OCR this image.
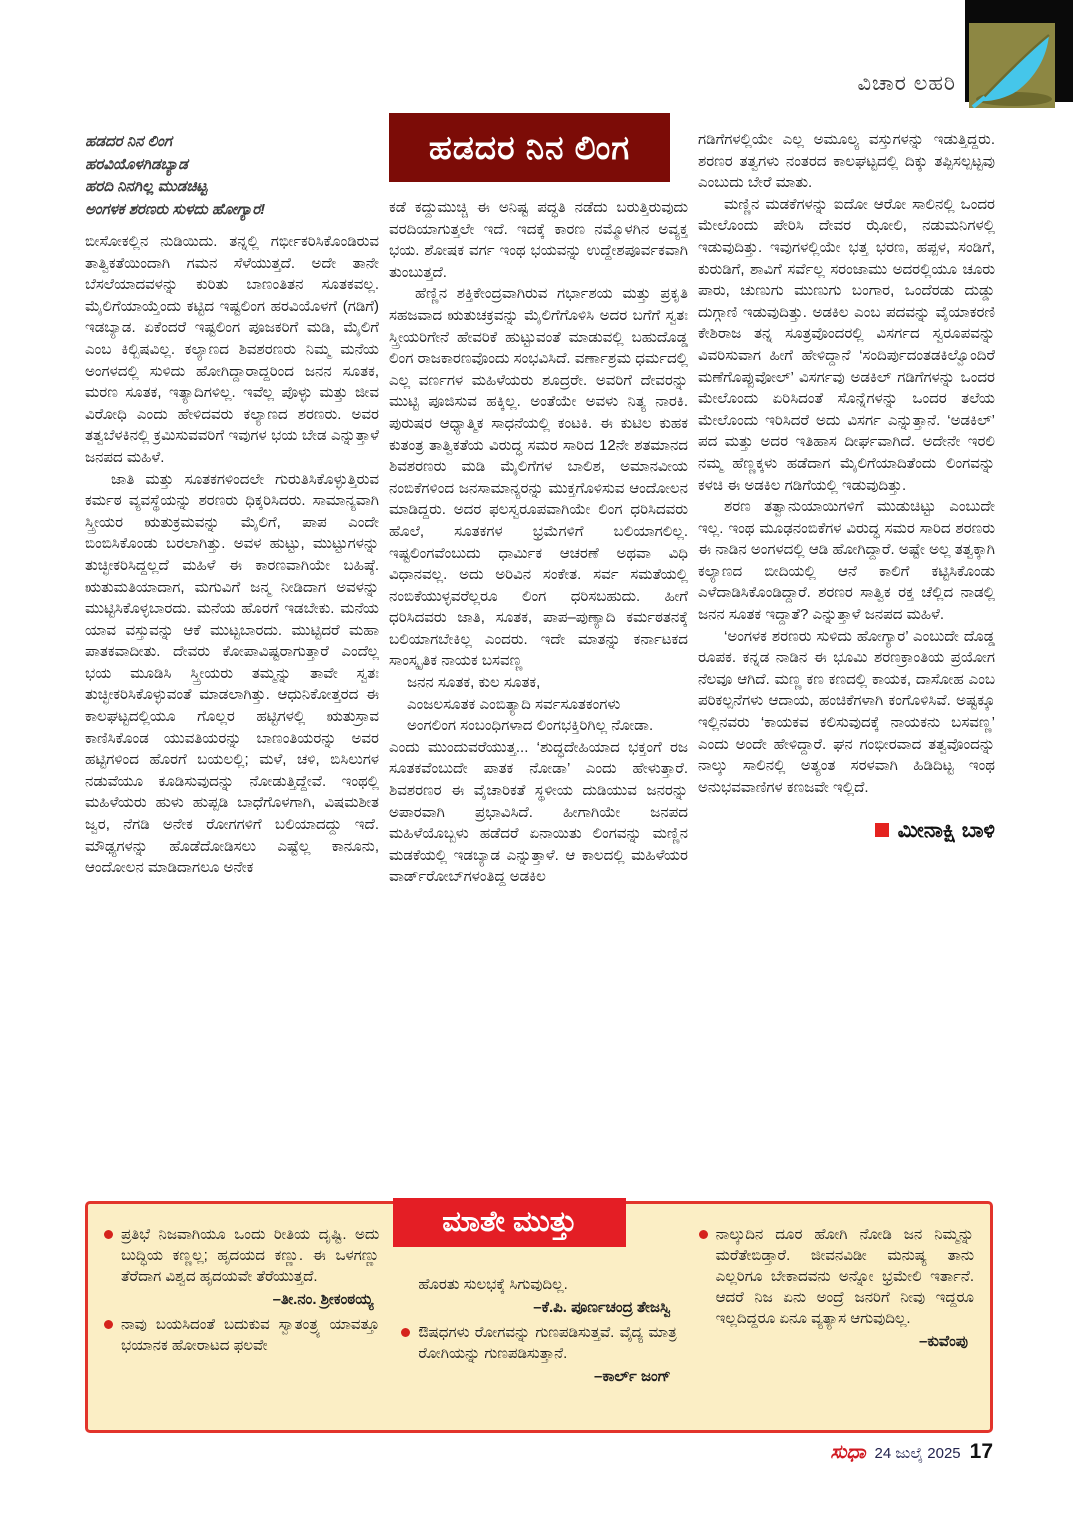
ವಿಚಾರ ಲಹರಿ
ಹಡದರ ನಿನ ಲಿಂಗ
ಹರವಿಯೊಳಗಿಡಬ್ಯಾಡ
ಹರದಿ ನಿನಗಿಲ್ಲ ಮುಡಚಿಟ್ಟ
ಅಂಗಳಕ ಶರಣರು ಸುಳದು ಹೋಗ್ಯಾರ!

ಬೀಸೋಕಲ್ಲಿನ ನುಡಿಯಿದು. ತನ್ನಲ್ಲಿ ಗರ್ಭೀಕರಿಸಿಕೊಂಡಿರುವ ತಾತ್ವಿಕತೆಯಿಂದಾಗಿ ಗಮನ ಸೆಳೆಯುತ್ತದೆ. ಅದೇ ತಾನೇ ಬೆಸಲೆಯಾದವಳನ್ನು ಕುರಿತು ಬಾಣಂತಿತನ ಸೂತಕವಲ್ಲ. ಮೈಲಿಗೆಯಾಯ್ತೆಂದು ಕಟ್ಟಿದ ಇಷ್ಟಲಿಂಗ ಹರವಿಯೊಳಗೆ (ಗಡಿಗೆ) ಇಡಬ್ಯಾಡ. ಏಕೆಂದರೆ ಇಷ್ಟಲಿಂಗ ಪೂಜಕರಿಗೆ ಮಡಿ, ಮೈಲಿಗೆ ಎಂಬ ಕಿಲ್ಬಿಷವಿಲ್ಲ. ಕಲ್ಯಾಣದ ಶಿವಶರಣರು ನಿಮ್ಮ ಮನೆಯ ಅಂಗಳದಲ್ಲಿ ಸುಳಿದು ಹೋಗಿದ್ದಾರಾದ್ದರಿಂದ ಜನನ ಸೂತಕ, ಮರಣ ಸೂತಕ, ಇತ್ಯಾದಿಗಳಿಲ್ಲ. ಇವೆಲ್ಲ ಪೊಳ್ಳು ಮತ್ತು ಜೀವ ವಿರೋಧಿ ಎಂದು ಹೇಳಿದವರು ಕಲ್ಯಾಣದ ಶರಣರು. ಅವರ ತತ್ವಬೆಳಕಿನಲ್ಲಿ ಕ್ರಮಿಸುವವರಿಗೆ ಇವುಗಳ ಭಯ ಬೇಡ ಎನ್ನುತ್ತಾಳೆ ಜನಪದ ಮಹಿಳೆ.

ಜಾತಿ ಮತ್ತು ಸೂತಕಗಳಿಂದಲೇ ಗುರುತಿಸಿಕೊಳ್ಳುತ್ತಿರುವ ಕರ್ಮಠ ವ್ಯವಸ್ಥೆಯನ್ನು ಶರಣರು ಧಿಕ್ಕರಿಸಿದರು. ಸಾಮಾನ್ಯವಾಗಿ ಸ್ತ್ರೀಯರ ಋತುಕ್ರಮವನ್ನು ಮೈಲಿಗೆ, ಪಾಪ ಎಂದೇ ಬಿಂಬಿಸಿಕೊಂಡು ಬರಲಾಗಿತ್ತು. ಅವಳ ಹುಟ್ಟು, ಮುಟ್ಟುಗಳನ್ನು ತುಚ್ಛೀಕರಿಸಿದ್ದಲ್ಲದೆ ಮಹಿಳೆ ಈ ಕಾರಣವಾಗಿಯೇ ಬಹಿಷ್ಠೆ. ಋತುಮತಿಯಾದಾಗ, ಮಗುವಿಗೆ ಜನ್ಮ ನೀಡಿದಾಗ ಅವಳನ್ನು ಮುಟ್ಟಿಸಿಕೊಳ್ಳಬಾರದು. ಮನೆಯ ಹೊರಗೆ ಇಡಬೇಕು. ಮನೆಯ ಯಾವ ವಸ್ತುವನ್ನು ಆಕೆ ಮುಟ್ಟಬಾರದು. ಮುಟ್ಟಿದರೆ ಮಹಾ ಪಾತಕವಾದೀತು. ದೇವರು ಕೋಪಾವಿಷ್ಟರಾಗುತ್ತಾರೆ ಎಂದೆಲ್ಲ ಭಯ ಮೂಡಿಸಿ ಸ್ತ್ರೀಯರು ತಮ್ಮನ್ನು ತಾವೇ ಸ್ವತಃ ತುಚ್ಛೀಕರಿಸಿಕೊಳ್ಳುವಂತೆ ಮಾಡಲಾಗಿತ್ತು. ಆಧುನಿಕೋತ್ತರದ ಈ ಕಾಲಘಟ್ಟದಲ್ಲಿಯೂ ಗೊಲ್ಲರ ಹಟ್ಟಿಗಳಲ್ಲಿ ಋತುಸ್ರಾವ ಕಾಣಿಸಿಕೊಂಡ ಯುವತಿಯರನ್ನು ಬಾಣಂತಿಯರನ್ನು ಅವರ ಹಟ್ಟಿಗಳಿಂದ ಹೊರಗೆ ಬಯಲಲ್ಲಿ; ಮಳೆ, ಚಳಿ, ಬಿಸಿಲುಗಳ ನಡುವೆಯೂ ಕೂಡಿಸುವುದನ್ನು ನೋಡುತ್ತಿದ್ದೇವೆ. ಇಂಥಲ್ಲಿ ಮಹಿಳೆಯರು ಹುಳು ಹುಪ್ಪಡಿ ಬಾಧೆಗೊಳಗಾಗಿ, ವಿಷಮಶೀತ ಜ್ವರ, ನೆಗಡಿ ಅನೇಕ ರೋಗಗಳಿಗೆ ಬಲಿಯಾದದ್ದು ಇದೆ. ಮೌಢ್ಯಗಳನ್ನು ಹೊಡೆದೋಡಿಸಲು ಎಷ್ಟೆಲ್ಲ ಕಾನೂನು, ಆಂದೋಲನ ಮಾಡಿದಾಗಲೂ ಅನೇಕ

ಹಡದರ ನಿನ ಲಿಂಗ

ಕಡೆ ಕದ್ದುಮುಚ್ಚಿ ಈ ಅನಿಷ್ಟ ಪದ್ಧತಿ ನಡೆದು ಬರುತ್ತಿರುವುದು ವರದಿಯಾಗುತ್ತಲೇ ಇದೆ. ಇದಕ್ಕೆ ಕಾರಣ ನಮ್ಮೊಳಗಿನ ಅವ್ಯಕ್ತ ಭಯ. ಶೋಷಕ ವರ್ಗ ಇಂಥ ಭಯವನ್ನು ಉದ್ದೇಶಪೂರ್ವಕವಾಗಿ ತುಂಬುತ್ತದೆ.

ಹೆಣ್ಣಿನ ಶಕ್ತಿಕೇಂದ್ರವಾಗಿರುವ ಗರ್ಭಾಶಯ ಮತ್ತು ಪ್ರಕೃತಿ ಸಹಜವಾದ ಋತುಚಕ್ರವನ್ನು ಮೈಲಿಗೆಗೊಳಿಸಿ ಅದರ ಬಗೆಗೆ ಸ್ವತಃ ಸ್ತ್ರೀಯರಿಗೇನೆ ಹೇವರಿಕೆ ಹುಟ್ಟುವಂತೆ ಮಾಡುವಲ್ಲಿ ಬಹುದೊಡ್ಡ ಲಿಂಗ ರಾಜಕಾರಣವೊಂದು ಸಂಭವಿಸಿದೆ. ವರ್ಣಾಶ್ರಮ ಧರ್ಮದಲ್ಲಿ ಎಲ್ಲ ವರ್ಣಗಳ ಮಹಿಳೆಯರು ಶೂದ್ರರೇ. ಅವರಿಗೆ ದೇವರನ್ನು ಮುಟ್ಟಿ ಪೂಜಿಸುವ ಹಕ್ಕಿಲ್ಲ. ಅಂತೆಯೇ ಅವಳು ನಿತ್ಯ ನಾರಕಿ. ಪುರುಷರ ಆಧ್ಯಾತ್ಮಿಕ ಸಾಧನೆಯಲ್ಲಿ ಕಂಟಕಿ. ಈ ಕುಟಿಲ ಕುಹಕ ಕುತಂತ್ರ ತಾತ್ವಿಕತೆಯ ವಿರುದ್ಧ ಸಮರ ಸಾರಿದ 12ನೇ ಶತಮಾನದ ಶಿವಶರಣರು ಮಡಿ ಮೈಲಿಗೆಗಳ ಬಾಲಿಶ, ಅಮಾನವೀಯ ನಂಬಿಕೆಗಳಿಂದ ಜನಸಾಮಾನ್ಯರನ್ನು ಮುಕ್ತಗೊಳಿಸುವ ಆಂದೋಲನ ಮಾಡಿದ್ದರು. ಅದರ ಫಲಸ್ವರೂಪವಾಗಿಯೇ ಲಿಂಗ ಧರಿಸಿದವರು ಹೊಲೆ, ಸೂತಕಗಳ ಭ್ರಮೆಗಳಿಗೆ ಬಲಿಯಾಗಲಿಲ್ಲ. ಇಷ್ಟಲಿಂಗವೆಂಬುದು ಧಾರ್ಮಿಕ ಆಚರಣೆ ಅಥವಾ ವಿಧಿ ವಿಧಾನವಲ್ಲ. ಅದು ಅರಿವಿನ ಸಂಕೇತ. ಸರ್ವ ಸಮತೆಯಲ್ಲಿ ನಂಬಿಕೆಯುಳ್ಳವರೆಲ್ಲರೂ ಲಿಂಗ ಧರಿಸಬಹುದು. ಹೀಗೆ ಧರಿಸಿದವರು ಜಾತಿ, ಸೂತಕ, ಪಾಪ–ಪುಣ್ಯಾದಿ ಕರ್ಮಠತನಕ್ಕೆ ಬಲಿಯಾಗಬೇಕಿಲ್ಲ ಎಂದರು. ಇದೇ ಮಾತನ್ನು ಕರ್ನಾಟಕದ ಸಾಂಸ್ಕೃತಿಕ ನಾಯಕ ಬಸವಣ್ಣ

ಜನನ ಸೂತಕ, ಕುಲ ಸೂತಕ,
ಎಂಜಲಸೂತಕ ಎಂಬಿತ್ಯಾದಿ ಸರ್ವಸೂತಕಂಗಳು
ಅಂಗಲಿಂಗ ಸಂಬಂಧಿಗಳಾದ ಲಿಂಗಭಕ್ತಿರಿಗಿಲ್ಲ ನೋಡಾ.

ಎಂದು ಮುಂದುವರೆಯುತ್ತ... ‘ಶುದ್ಧದೇಹಿಯಾದ ಭಕ್ತಂಗೆ ರಜ ಸೂತಕವೆಂಬುದೇ ಪಾತಕ ನೋಡಾ’ ಎಂದು ಹೇಳುತ್ತಾರೆ. ಶಿವಶರಣರ ಈ ವೈಚಾರಿಕತೆ ಸ್ಥಳೀಯ ದುಡಿಯುವ ಜನರನ್ನು ಅಪಾರವಾಗಿ ಪ್ರಭಾವಿಸಿದೆ. ಹೀಗಾಗಿಯೇ ಜನಪದ ಮಹಿಳೆಯೊಬ್ಬಳು ಹಡೆದರೆ ಏನಾಯಿತು ಲಿಂಗವನ್ನು ಮಣ್ಣಿನ ಮಡಕೆಯಲ್ಲಿ ಇಡಬ್ಯಾಡ ಎನ್ನುತ್ತಾಳೆ. ಆ ಕಾಲದಲ್ಲಿ ಮಹಿಳೆಯರ ವಾರ್ಡ್‌ರೋಬ್‌ಗಳಂತಿದ್ದ ಅಡಕಿಲ

ಗಡಿಗೆಗಳಲ್ಲಿಯೇ ಎಲ್ಲ ಅಮೂಲ್ಯ ವಸ್ತುಗಳನ್ನು ಇಡುತ್ತಿದ್ದರು. ಶರಣರ ತತ್ವಗಳು ನಂತರದ ಕಾಲಘಟ್ಟದಲ್ಲಿ ದಿಕ್ಕು ತಪ್ಪಿಸಲ್ಪಟ್ಟವು ಎಂಬುದು ಬೇರೆ ಮಾತು.

ಮಣ್ಣಿನ ಮಡಕೆಗಳನ್ನು ಐದೋ ಆರೋ ಸಾಲಿನಲ್ಲಿ ಒಂದರ ಮೇಲೊಂದು ಪೇರಿಸಿ ದೇವರ ಝೋಲಿ, ನಡುಮನಿಗಳಲ್ಲಿ ಇಡುವುದಿತ್ತು. ಇವುಗಳಲ್ಲಿಯೇ ಭತ್ತ ಭರಣ, ಹಪ್ಪಳ, ಸಂಡಿಗೆ, ಕುರುಡಿಗೆ, ಶಾವಿಗೆ ಸರ್ವೆಲ್ಲ ಸರಂಜಾಮು ಅದರಲ್ಲಿಯೂ ಚೂರು ಪಾರು, ಚುಣುಗು ಮುಣುಗು ಬಂಗಾರ, ಒಂದೆರಡು ದುಡ್ಡು ದುಗ್ಗಾಣಿ ಇಡುವುದಿತ್ತು. ಅಡಕಿಲ ಎಂಬ ಪದವನ್ನು ವೈಯಾಕರಣಿ ಕೇಶಿರಾಜ ತನ್ನ ಸೂತ್ರವೊಂದರಲ್ಲಿ ವಿಸರ್ಗದ ಸ್ವರೂಪವನ್ನು ವಿವರಿಸುವಾಗ ಹೀಗೆ ಹೇಳಿದ್ದಾನೆ ‘ಸಂದಿರ್ಪುದಂತಡಕಿಲ್ವೊಂದಿರೆ ಮಣೆಗೊಪ್ಪುವೋಲ್’ ವಿಸರ್ಗವು ಅಡಕಿಲ್ ಗಡಿಗೆಗಳನ್ನು ಒಂದರ ಮೇಲೊಂದು ಏರಿಸಿದಂತೆ ಸೊನ್ನೆಗಳನ್ನು ಒಂದರ ತಲೆಯ ಮೇಲೊಂದು ಇರಿಸಿದರೆ ಅದು ವಿಸರ್ಗ ಎನ್ನುತ್ತಾನೆ. ‘ಅಡಕಿಲ್’ ಪದ ಮತ್ತು ಅದರ ಇತಿಹಾಸ ದೀರ್ಘವಾಗಿದೆ. ಅದೇನೇ ಇರಲಿ ನಮ್ಮ ಹೆಣ್ಣಕ್ಕಳು ಹಡೆದಾಗ ಮೈಲಿಗೆಯಾದಿತೆಂದು ಲಿಂಗವನ್ನು ಕಳಚಿ ಈ ಅಡಕಿಲ ಗಡಿಗೆಯಲ್ಲಿ ಇಡುವುದಿತ್ತು.

ಶರಣ ತತ್ವಾನುಯಾಯಿಗಳಿಗೆ ಮುಡುಚಿಟ್ಟು ಎಂಬುದೇ ಇಲ್ಲ. ಇಂಥ ಮೂಢನಂಬಿಕೆಗಳ ವಿರುದ್ಧ ಸಮರ ಸಾರಿದ ಶರಣರು ಈ ನಾಡಿನ ಅಂಗಳದಲ್ಲಿ ಆಡಿ ಹೋಗಿದ್ದಾರೆ. ಅಷ್ಟೇ ಅಲ್ಲ ತತ್ವಕ್ಕಾಗಿ ಕಲ್ಯಾಣದ ಬೀದಿಯಲ್ಲಿ ಆನೆ ಕಾಲಿಗೆ ಕಟ್ಟಿಸಿಕೊಂಡು ಎಳೆದಾಡಿಸಿಕೊಂಡಿದ್ದಾರೆ. ಶರಣರ ಸಾತ್ವಿಕ ರಕ್ತ ಚೆಲ್ಲಿದ ನಾಡಲ್ಲಿ ಜನನ ಸೂತಕ ಇದ್ದಾತೆ? ಎನ್ನುತ್ತಾಳೆ ಜನಪದ ಮಹಿಳೆ.

‘ಅಂಗಳಕ ಶರಣರು ಸುಳಿದು ಹೋಗ್ಯಾರ’ ಎಂಬುದೇ ದೊಡ್ಡ ರೂಪಕ. ಕನ್ನಡ ನಾಡಿನ ಈ ಭೂಮಿ ಶರಣಕ್ರಾಂತಿಯ ಪ್ರಯೋಗ ನೆಲವೂ ಆಗಿದೆ. ಮಣ್ಣ ಕಣ ಕಣದಲ್ಲಿ ಕಾಯಕ, ದಾಸೋಹ ಎಂಬ ಪರಿಕಲ್ಪನೆಗಳು ಆದಾಯ, ಹಂಚಿಕೆಗಳಾಗಿ ಕಂಗೊಳಿಸಿವೆ. ಅಷ್ಟಕ್ಕೂ ಇಲ್ಲಿನವರು ‘ಕಾಯಕವ ಕಲಿಸುವುದಕ್ಕೆ ನಾಯಕನು ಬಸವಣ್ಣ’ ಎಂದು ಅಂದೇ ಹೇಳಿದ್ದಾರೆ. ಘನ ಗಂಭೀರವಾದ ತತ್ವವೊಂದನ್ನು ನಾಲ್ಕು ಸಾಲಿನಲ್ಲಿ ಅತ್ಯಂತ ಸರಳವಾಗಿ ಹಿಡಿದಿಟ್ಟ ಇಂಥ ಅನುಭವವಾಣಿಗಳ ಕಣಜವೇ ಇಲ್ಲಿದೆ.

ಮೀನಾಕ್ಷಿ ಬಾಳಿ
ಮಾತೇ ಮುತ್ತು
ಪ್ರತಿಭೆ ನಿಜವಾಗಿಯೂ ಒಂದು ರೀತಿಯ ದೃಷ್ಟಿ. ಅದು ಬುದ್ಧಿಯ ಕಣ್ಣಲ್ಲ; ಹೃದಯದ ಕಣ್ಣು. ಈ ಒಳಗಣ್ಣು ತೆರೆದಾಗ ವಿಶ್ವದ ಹೃದಯವೇ ತೆರೆಯುತ್ತದೆ.
–ತೀ.ನಂ. ಶ್ರೀಕಂಠಯ್ಯ
ನಾವು ಬಯಸಿದಂತೆ ಬದುಕುವ ಸ್ವಾತಂತ್ರ್ಯ ಯಾವತ್ತೂ ಭಯಾನಕ ಹೋರಾಟದ ಫಲವೇ
ಹೊರತು ಸುಲಭಕ್ಕೆ ಸಿಗುವುದಿಲ್ಲ.
–ಕೆ.ಪಿ. ಪೂರ್ಣಚಂದ್ರ ತೇಜಸ್ವಿ
ಔಷಧಗಳು ರೋಗವನ್ನು ಗುಣಪಡಿಸುತ್ತವೆ. ವೈದ್ಯ ಮಾತ್ರ ರೋಗಿಯನ್ನು ಗುಣಪಡಿಸುತ್ತಾನೆ.
–ಕಾರ್ಲ್ ಜಂಗ್
ನಾಲ್ಕುದಿನ ದೂರ ಹೋಗಿ ನೋಡಿ ಜನ ನಿಮ್ಮನ್ನು ಮರೆತೇಬಿಡ್ತಾರೆ. ಜೀವನವಿಡೀ ಮನುಷ್ಯ ತಾನು ಎಲ್ಲರಿಗೂ ಬೇಕಾದವನು ಅನ್ನೋ ಭ್ರಮೇಲಿ ಇರ್ತಾನೆ. ಆದರೆ ನಿಜ ಏನು ಅಂದ್ರೆ ಜನರಿಗೆ ನೀವು ಇದ್ದರೂ ಇಲ್ಲದಿದ್ದರೂ ಏನೂ ವ್ಯತ್ಯಾಸ ಆಗುವುದಿಲ್ಲ.
–ಕುವೆಂಪು
ಸುಧಾ 24 ಜುಲೈ 2025 17
